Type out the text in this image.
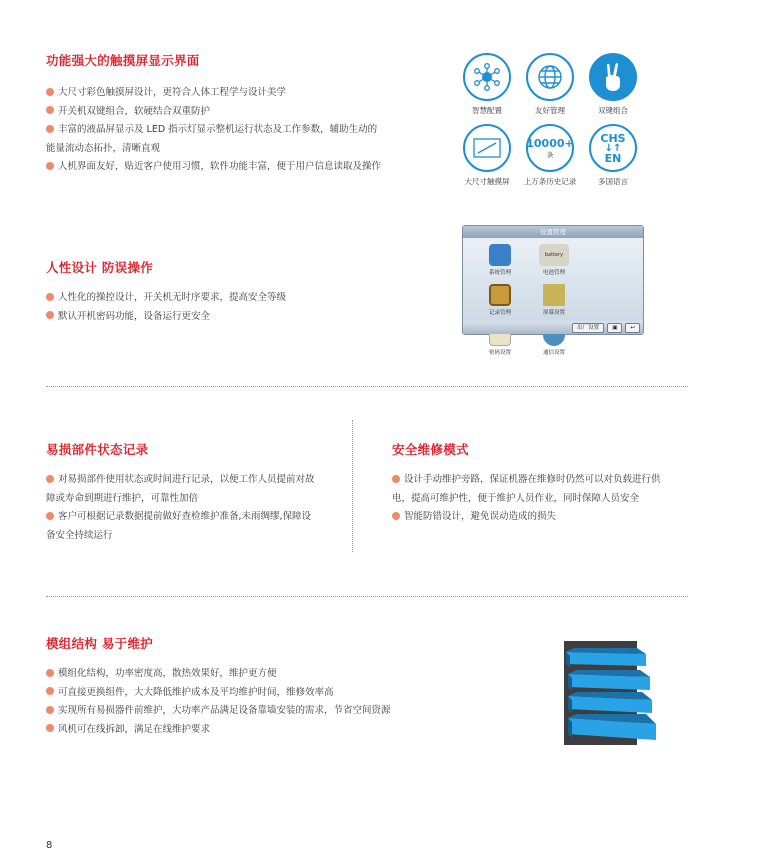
功能强大的触摸屏显示界面
大尺寸彩色触摸屏设计，更符合人体工程学与设计美学
开关机双键组合，软硬结合双重防护
丰富的液晶屏显示及 LED 指示灯显示整机运行状态及工作参数，辅助生动的能量流动态拓扑，清晰直观
人机界面友好，贴近客户使用习惯，软件功能丰富，便于用户信息读取及操作
智慧配置	友好管理	双键组合
大尺寸触摸屏
10000+
条
上万条历史记录
CHS
↓↑
EN
多国语言
人性设计 防误操作
人性化的操控设计，开关机无时序要求，提高安全等级
默认开机密码功能，设备运行更安全
设置管理
系统管理
battery
电池管理
记录管理	屏幕设置
密码设置	通信设置
出厂设置	▣	↩
易损部件状态记录
对易损部件使用状态或时间进行记录，以便工作人员提前对故障或寿命到期进行维护，可靠性加倍
客户可根据记录数据提前做好查检维护准备,未雨绸缪,保障设备安全持续运行
安全维修模式
设计手动维护旁路，保证机器在维修时仍然可以对负载进行供电，提高可维护性，便于维护人员作业，同时保障人员安全
智能防错设计，避免误动造成的损失
模组结构 易于维护
模组化结构，功率密度高，散热效果好，维护更方便
可直接更换组件，大大降低维护成本及平均维护时间，维修效率高
实现所有易损器件前维护，大功率产品满足设备靠墙安装的需求，节省空间资源
风机可在线拆卸，满足在线维护要求
8
